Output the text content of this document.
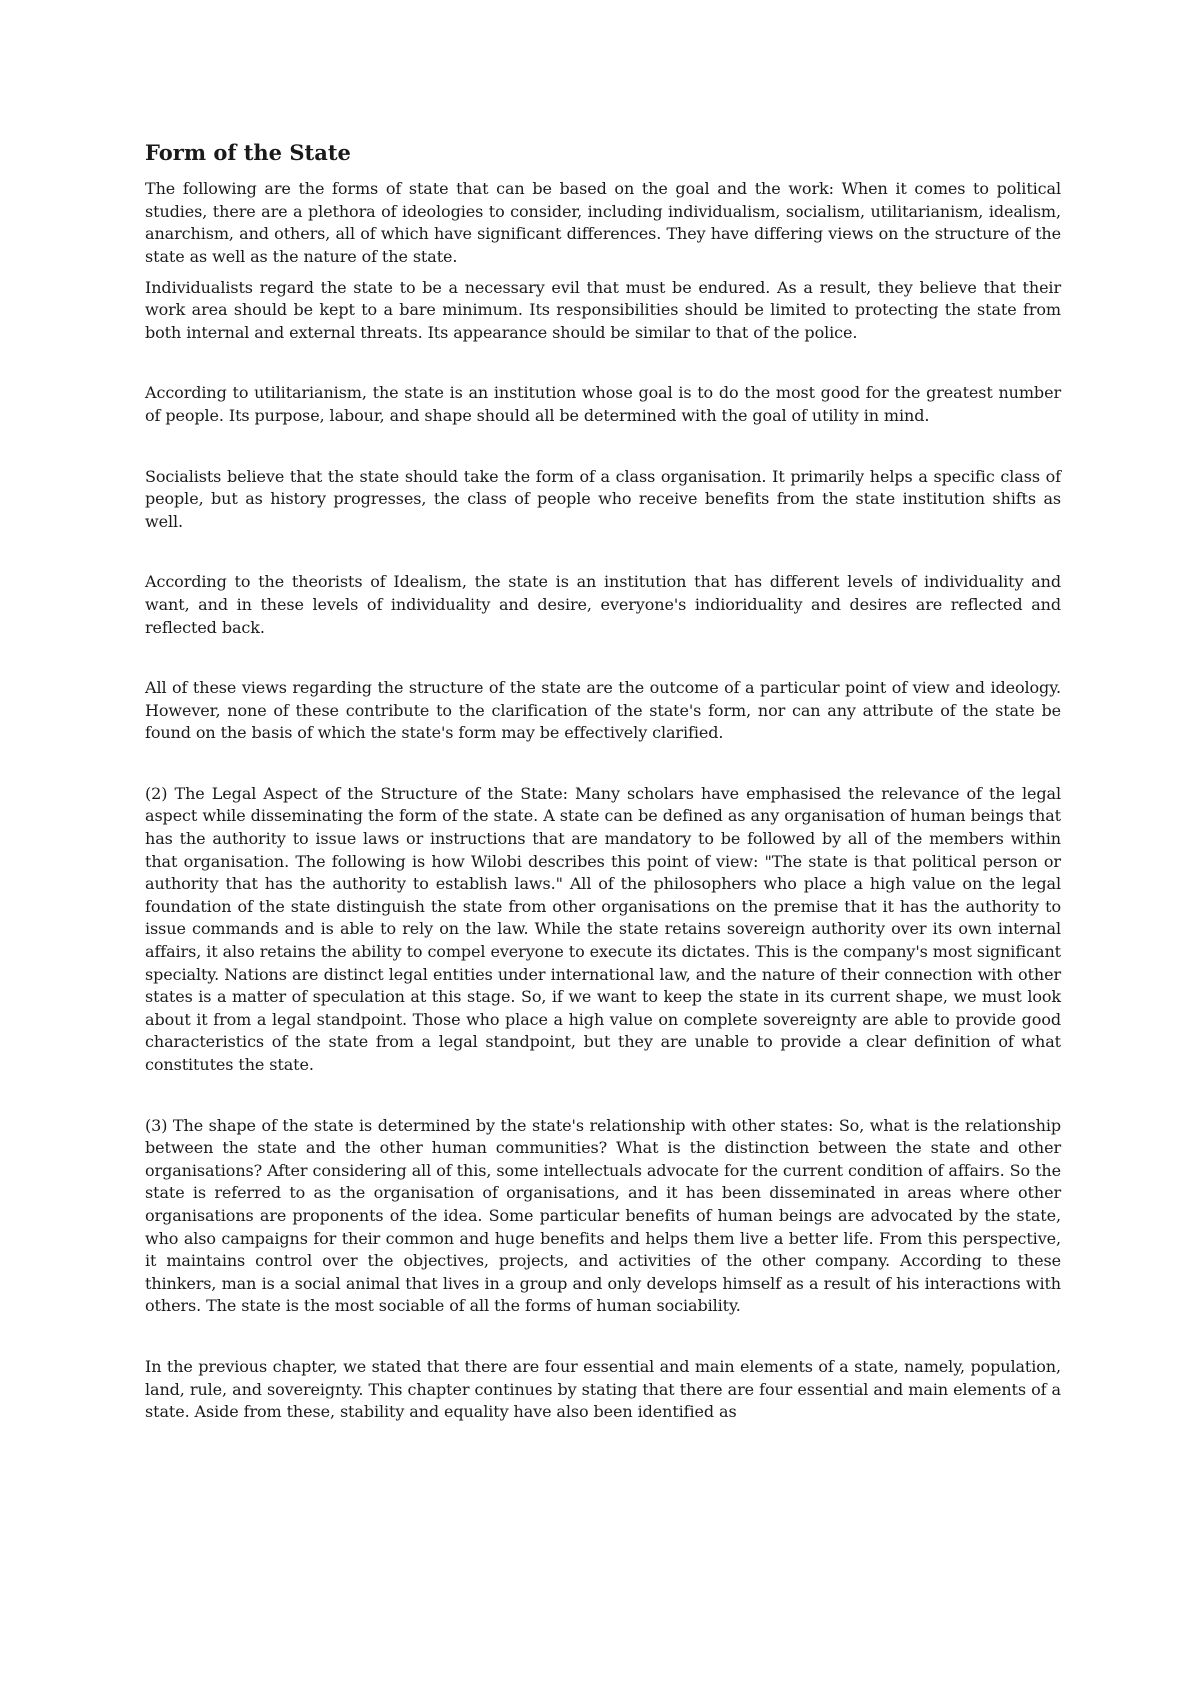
Form of the State

The following are the forms of state that can be based on the goal and the work: When it comes to political studies, there are a plethora of ideologies to consider, including individualism, socialism, utilitarianism, idealism, anarchism, and others, all of which have significant differences. They have differing views on the structure of the state as well as the nature of the state.

Individualists regard the state to be a necessary evil that must be endured. As a result, they believe that their work area should be kept to a bare minimum. Its responsibilities should be limited to protecting the state from both internal and external threats. Its appearance should be similar to that of the police.

According to utilitarianism, the state is an institution whose goal is to do the most good for the greatest number of people. Its purpose, labour, and shape should all be determined with the goal of utility in mind.

Socialists believe that the state should take the form of a class organisation. It primarily helps a specific class of people, but as history progresses, the class of people who receive benefits from the state institution shifts as well.

According to the theorists of Idealism, the state is an institution that has different levels of individuality and want, and in these levels of individuality and desire, everyone's indioriduality and desires are reflected and reflected back.

All of these views regarding the structure of the state are the outcome of a particular point of view and ideology. However, none of these contribute to the clarification of the state's form, nor can any attribute of the state be found on the basis of which the state's form may be effectively clarified.

(2) The Legal Aspect of the Structure of the State: Many scholars have emphasised the relevance of the legal aspect while disseminating the form of the state. A state can be defined as any organisation of human beings that has the authority to issue laws or instructions that are mandatory to be followed by all of the members within that organisation. The following is how Wilobi describes this point of view: "The state is that political person or authority that has the authority to establish laws." All of the philosophers who place a high value on the legal foundation of the state distinguish the state from other organisations on the premise that it has the authority to issue commands and is able to rely on the law. While the state retains sovereign authority over its own internal affairs, it also retains the ability to compel everyone to execute its dictates. This is the company's most significant specialty. Nations are distinct legal entities under international law, and the nature of their connection with other states is a matter of speculation at this stage. So, if we want to keep the state in its current shape, we must look about it from a legal standpoint. Those who place a high value on complete sovereignty are able to provide good characteristics of the state from a legal standpoint, but they are unable to provide a clear definition of what constitutes the state.

(3) The shape of the state is determined by the state's relationship with other states: So, what is the relationship between the state and the other human communities? What is the distinction between the state and other organisations? After considering all of this, some intellectuals advocate for the current condition of affairs. So the state is referred to as the organisation of organisations, and it has been disseminated in areas where other organisations are proponents of the idea. Some particular benefits of human beings are advocated by the state, who also campaigns for their common and huge benefits and helps them live a better life. From this perspective, it maintains control over the objectives, projects, and activities of the other company. According to these thinkers, man is a social animal that lives in a group and only develops himself as a result of his interactions with others. The state is the most sociable of all the forms of human sociability.

In the previous chapter, we stated that there are four essential and main elements of a state, namely, population, land, rule, and sovereignty. This chapter continues by stating that there are four essential and main elements of a state. Aside from these, stability and equality have also been identified as
